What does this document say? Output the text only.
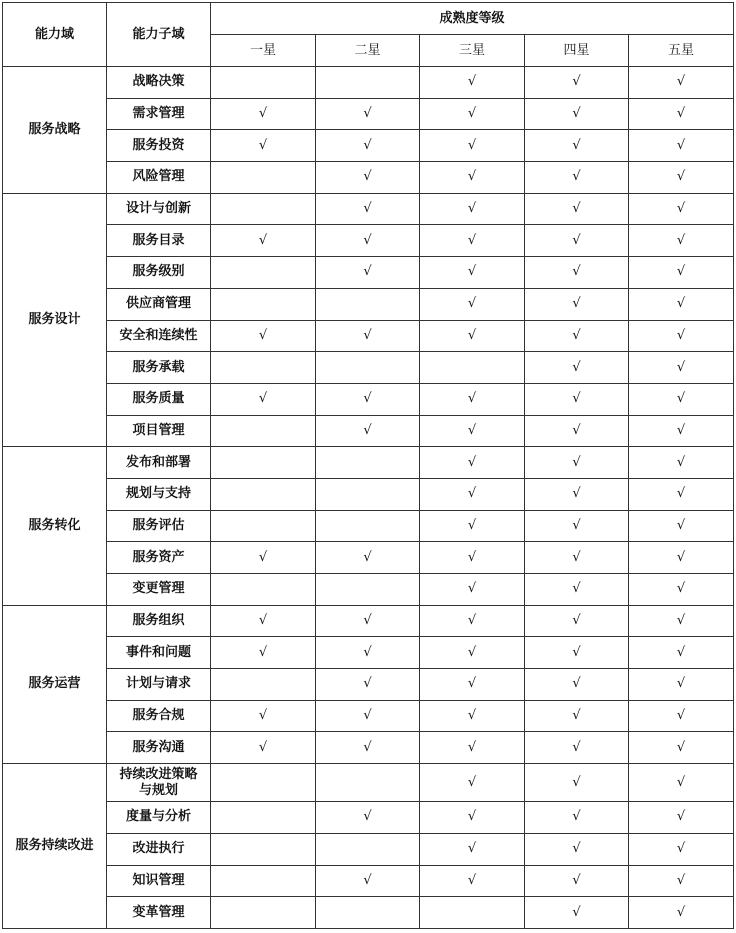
能力域	能力子域	成熟度等级				
		一星	二星	三星	四星	五星
服务战略	战略决策			√	√	√
	需求管理	√	√	√	√	√
	服务投资	√	√	√	√	√
	风险管理		√	√	√	√
服务设计	设计与创新		√	√	√	√
	服务目录	√	√	√	√	√
	服务级别		√	√	√	√
	供应商管理			√	√	√
	安全和连续性	√	√	√	√	√
	服务承载				√	√
	服务质量	√	√	√	√	√
	项目管理		√	√	√	√
服务转化	发布和部署			√	√	√
	规划与支持			√	√	√
	服务评估			√	√	√
	服务资产	√	√	√	√	√
	变更管理			√	√	√
服务运营	服务组织	√	√	√	√	√
	事件和问题	√	√	√	√	√
	计划与请求		√	√	√	√
	服务合规	√	√	√	√	√
	服务沟通	√	√	√	√	√
服务持续改进	持续改进策略与规划			√	√	√
	度量与分析		√	√	√	√
	改进执行			√	√	√
	知识管理		√	√	√	√
	变革管理				√	√
